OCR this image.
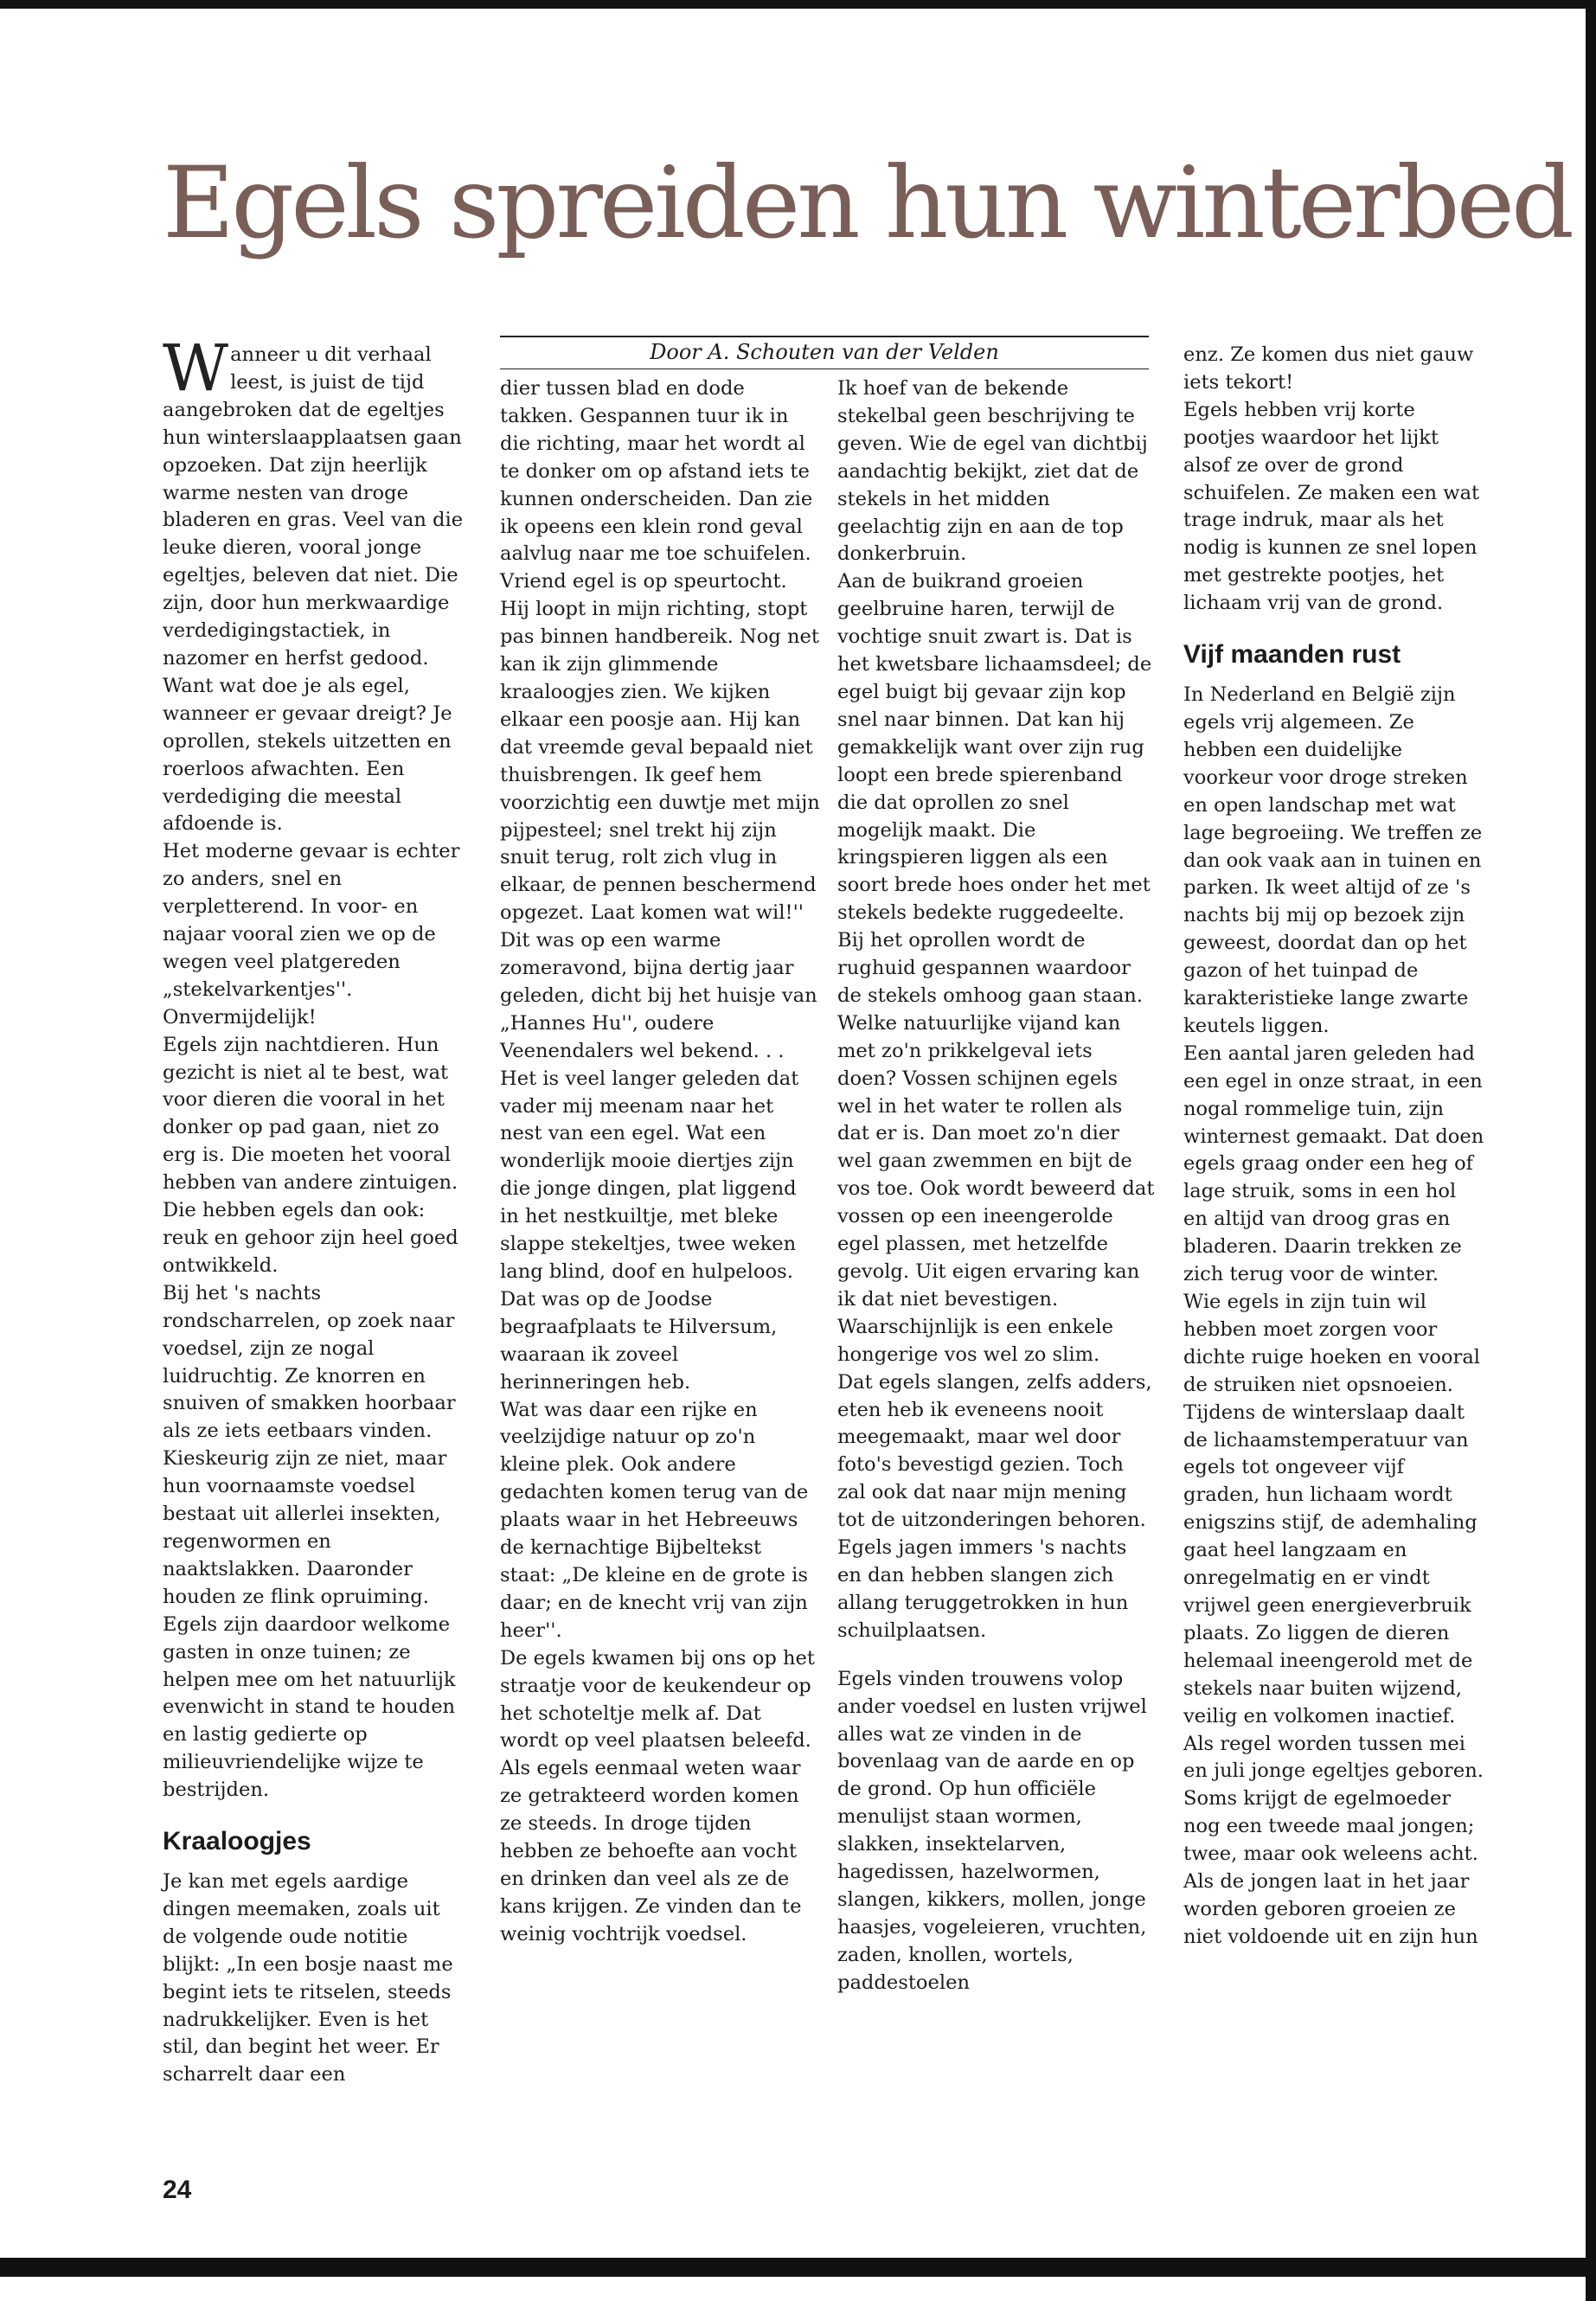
Egels spreiden hun winterbed
Door A. Schouten van der Velden
W anneer u dit verhaal leest, is juist de tijd aangebroken dat de egeltjes hun winterslaapplaatsen gaan opzoeken. Dat zijn heerlijk warme nesten van droge bladeren en gras. Veel van die leuke dieren, vooral jonge egeltjes, beleven dat niet. Die zijn, door hun merkwaardige verdedigingstactiek, in nazomer en herfst gedood. Want wat doe je als egel, wanneer er gevaar dreigt? Je oprollen, stekels uitzetten en roerloos afwachten. Een verdediging die meestal afdoende is.

Het moderne gevaar is echter zo anders, snel en verpletterend. In voor- en najaar vooral zien we op de wegen veel platgereden „stekelvarkentjes''. Onvermijdelijk!

Egels zijn nachtdieren. Hun gezicht is niet al te best, wat voor dieren die vooral in het donker op pad gaan, niet zo erg is. Die moeten het vooral hebben van andere zintuigen. Die hebben egels dan ook: reuk en gehoor zijn heel goed ontwikkeld.

Bij het 's nachts rondscharrelen, op zoek naar voedsel, zijn ze nogal luidruchtig. Ze knorren en snuiven of smakken hoorbaar als ze iets eetbaars vinden. Kieskeurig zijn ze niet, maar hun voornaamste voedsel bestaat uit allerlei insekten, regenwormen en naaktslakken. Daaronder houden ze flink opruiming. Egels zijn daardoor welkome gasten in onze tuinen; ze helpen mee om het natuurlijk evenwicht in stand te houden en lastig gedierte op milieuvriendelijke wijze te bestrijden.

Kraaloogjes

Je kan met egels aardige dingen meemaken, zoals uit de volgende oude notitie blijkt: „In een bosje naast me begint iets te ritselen, steeds nadrukkelijker. Even is het stil, dan begint het weer. Er scharrelt daar een

dier tussen blad en dode takken. Gespannen tuur ik in die richting, maar het wordt al te donker om op afstand iets te kunnen onderscheiden. Dan zie ik opeens een klein rond geval aalvlug naar me toe schuifelen. Vriend egel is op speurtocht. Hij loopt in mijn richting, stopt pas binnen handbereik. Nog net kan ik zijn glimmende kraaloogjes zien. We kijken elkaar een poosje aan. Hij kan dat vreemde geval bepaald niet thuisbrengen. Ik geef hem voorzichtig een duwtje met mijn pijpesteel; snel trekt hij zijn snuit terug, rolt zich vlug in elkaar, de pennen beschermend opgezet. Laat komen wat wil!'' Dit was op een warme zomeravond, bijna dertig jaar geleden, dicht bij het huisje van „Hannes Hu'', oudere Veenendalers wel bekend. . .

Het is veel langer geleden dat vader mij meenam naar het nest van een egel. Wat een wonderlijk mooie diertjes zijn die jonge dingen, plat liggend in het nestkuiltje, met bleke slappe stekeltjes, twee weken lang blind, doof en hulpeloos. Dat was op de Joodse begraafplaats te Hilversum, waaraan ik zoveel herinneringen heb.

Wat was daar een rijke en veelzijdige natuur op zo'n kleine plek. Ook andere gedachten komen terug van de plaats waar in het Hebreeuws de kernachtige Bijbeltekst staat: „De kleine en de grote is daar; en de knecht vrij van zijn heer''.

De egels kwamen bij ons op het straatje voor de keukendeur op het schoteltje melk af. Dat wordt op veel plaatsen beleefd. Als egels eenmaal weten waar ze getrakteerd worden komen ze steeds. In droge tijden hebben ze behoefte aan vocht en drinken dan veel als ze de kans krijgen. Ze vinden dan te weinig vochtrijk voedsel.

Ik hoef van de bekende stekelbal geen beschrijving te geven. Wie de egel van dichtbij aandachtig bekijkt, ziet dat de stekels in het midden geelachtig zijn en aan de top donkerbruin.

Aan de buikrand groeien geelbruine haren, terwijl de vochtige snuit zwart is. Dat is het kwetsbare lichaamsdeel; de egel buigt bij gevaar zijn kop snel naar binnen. Dat kan hij gemakkelijk want over zijn rug loopt een brede spierenband die dat oprollen zo snel mogelijk maakt. Die kringspieren liggen als een soort brede hoes onder het met stekels bedekte ruggedeelte. Bij het oprollen wordt de rughuid gespannen waardoor de stekels omhoog gaan staan.

Welke natuurlijke vijand kan met zo'n prikkelgeval iets doen? Vossen schijnen egels wel in het water te rollen als dat er is. Dan moet zo'n dier wel gaan zwemmen en bijt de vos toe. Ook wordt beweerd dat vossen op een ineengerolde egel plassen, met hetzelfde gevolg. Uit eigen ervaring kan ik dat niet bevestigen. Waarschijnlijk is een enkele hongerige vos wel zo slim.

Dat egels slangen, zelfs adders, eten heb ik eveneens nooit meegemaakt, maar wel door foto's bevestigd gezien. Toch zal ook dat naar mijn mening tot de uitzonderingen behoren.

Egels jagen immers 's nachts en dan hebben slangen zich allang teruggetrokken in hun schuilplaatsen.

Egels vinden trouwens volop ander voedsel en lusten vrijwel alles wat ze vinden in de bovenlaag van de aarde en op de grond. Op hun officiële menulijst staan wormen, slakken, insektelarven, hagedissen, hazelwormen, slangen, kikkers, mollen, jonge haasjes, vogeleieren, vruchten, zaden, knollen, wortels, paddestoelen

enz. Ze komen dus niet gauw iets tekort!

Egels hebben vrij korte pootjes waardoor het lijkt alsof ze over de grond schuifelen. Ze maken een wat trage indruk, maar als het nodig is kunnen ze snel lopen met gestrekte pootjes, het lichaam vrij van de grond.

Vijf maanden rust

In Nederland en België zijn egels vrij algemeen. Ze hebben een duidelijke voorkeur voor droge streken en open landschap met wat lage begroeiing. We treffen ze dan ook vaak aan in tuinen en parken. Ik weet altijd of ze 's nachts bij mij op bezoek zijn geweest, doordat dan op het gazon of het tuinpad de karakteristieke lange zwarte keutels liggen.

Een aantal jaren geleden had een egel in onze straat, in een nogal rommelige tuin, zijn winternest gemaakt. Dat doen egels graag onder een heg of lage struik, soms in een hol en altijd van droog gras en bladeren. Daarin trekken ze zich terug voor de winter.

Wie egels in zijn tuin wil hebben moet zorgen voor dichte ruige hoeken en vooral de struiken niet opsnoeien.

Tijdens de winterslaap daalt de lichaamstemperatuur van egels tot ongeveer vijf graden, hun lichaam wordt enigszins stijf, de ademhaling gaat heel langzaam en onregelmatig en er vindt vrijwel geen energieverbruik plaats. Zo liggen de dieren helemaal ineengerold met de stekels naar buiten wijzend, veilig en volkomen inactief.

Als regel worden tussen mei en juli jonge egeltjes geboren. Soms krijgt de egelmoeder nog een tweede maal jongen; twee, maar ook weleens acht. Als de jongen laat in het jaar worden geboren groeien ze niet voldoende uit en zijn hun

24
